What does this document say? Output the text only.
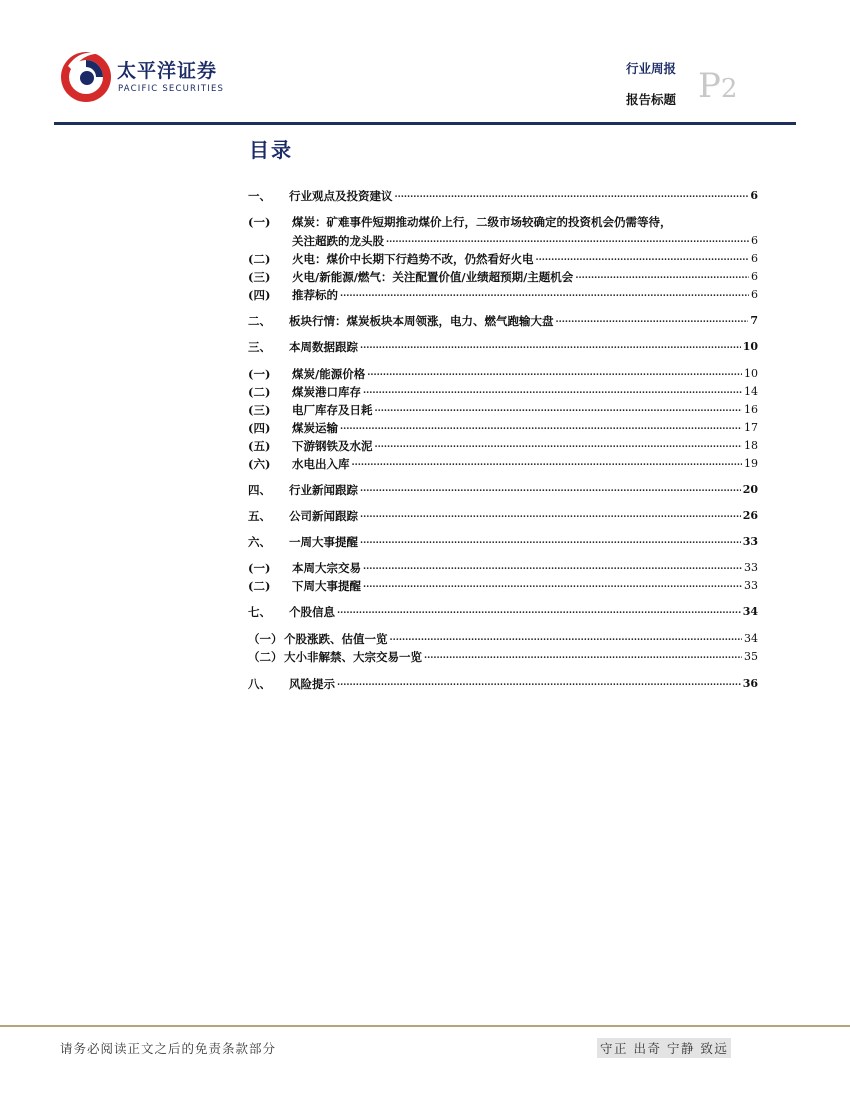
太平洋证券
PACIFIC SECURITIES
行业周报
报告标题 P2
目录
一、	行业观点及投资建议 .....	6
(一)	煤炭：矿难事件短期推动煤价上行，二级市场较确定的投资机会仍需等待，
关注超跌的龙头股 .....	6
(二)	火电：煤价中长期下行趋势不改，仍然看好火电 .....	6
(三)	火电/新能源/燃气：关注配置价值/业绩超预期/主题机会 .....	6
(四)	推荐标的 .....	6
二、	板块行情：煤炭板块本周领涨，电力、燃气跑输大盘 .....	7
三、	本周数据跟踪 .....	10
(一)	煤炭/能源价格 .....	10
(二)	煤炭港口库存 .....	14
(三)	电厂库存及日耗 .....	16
(四)	煤炭运输 .....	17
(五)	下游钢铁及水泥 .....	18
(六)	水电出入库 .....	19
四、	行业新闻跟踪 .....	20
五、	公司新闻跟踪 .....	26
六、	一周大事提醒 .....	33
(一)	本周大宗交易 .....	33
(二)	下周大事提醒 .....	33
七、	个股信息 .....	34
（一） 个股涨跌、估值一览 .....	34
（二） 大小非解禁、大宗交易一览 .....	35
八、	风险提示 .....	36
请务必阅读正文之后的免责条款部分	守正 出奇 宁静 致远
